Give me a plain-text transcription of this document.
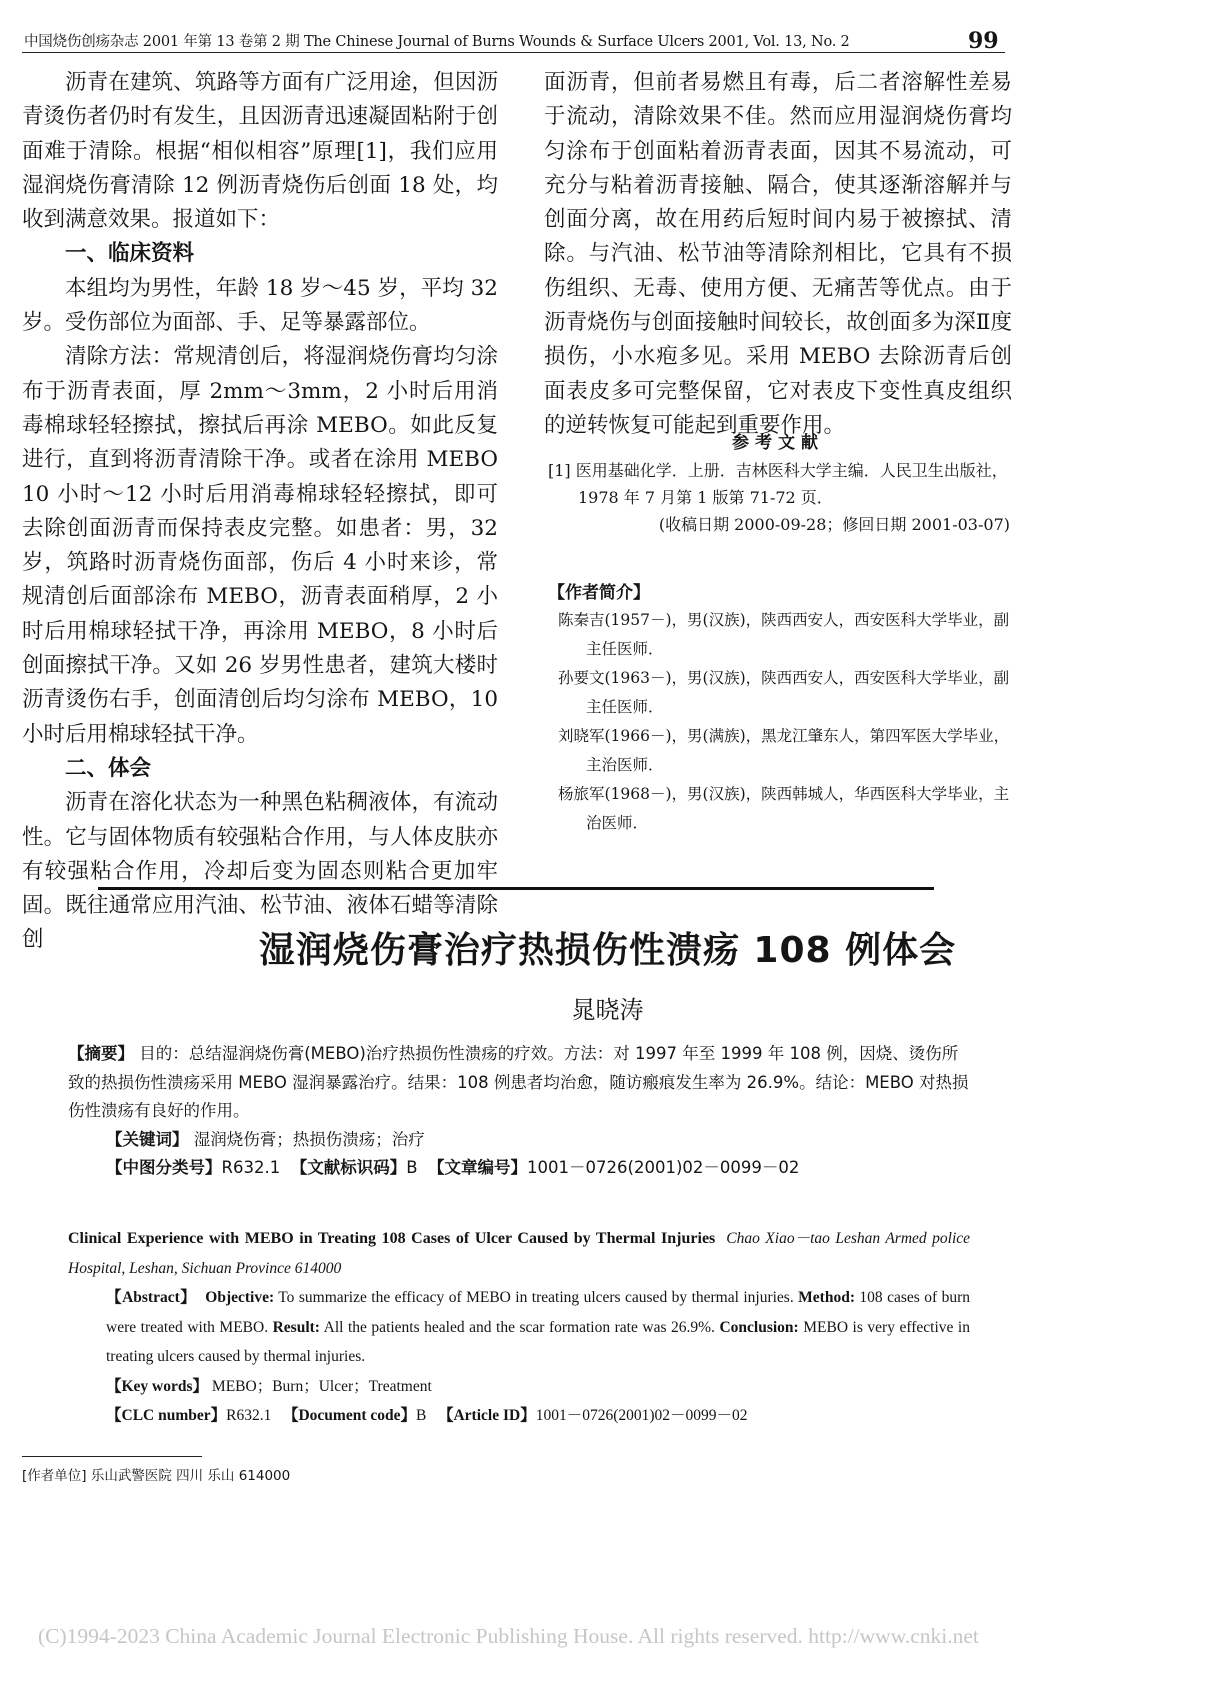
中国烧伤创疡杂志 2001 年第 13 卷第 2 期 The Chinese Journal of Burns Wounds & Surface Ulcers 2001, Vol. 13, No. 2	99

沥青在建筑、筑路等方面有广泛用途，但因沥青烫伤者仍时有发生，且因沥青迅速凝固粘附于创面难于清除。根据“相似相容”原理[1]，我们应用湿润烧伤膏清除 12 例沥青烧伤后创面 18 处，均收到满意效果。报道如下：

一、临床资料

本组均为男性，年龄 18 岁～45 岁，平均 32 岁。受伤部位为面部、手、足等暴露部位。

清除方法：常规清创后，将湿润烧伤膏均匀涂布于沥青表面，厚 2mm～3mm，2 小时后用消毒棉球轻轻擦拭，擦拭后再涂 MEBO。如此反复进行，直到将沥青清除干净。或者在涂用 MEBO 10 小时～12 小时后用消毒棉球轻轻擦拭，即可去除创面沥青而保持表皮完整。如患者：男，32 岁，筑路时沥青烧伤面部，伤后 4 小时来诊，常规清创后面部涂布 MEBO，沥青表面稍厚，2 小时后用棉球轻拭干净，再涂用 MEBO，8 小时后创面擦拭干净。又如 26 岁男性患者，建筑大楼时沥青烫伤右手，创面清创后均匀涂布 MEBO，10 小时后用棉球轻拭干净。

二、体会

沥青在溶化状态为一种黑色粘稠液体，有流动性。它与固体物质有较强粘合作用，与人体皮肤亦有较强粘合作用，冷却后变为固态则粘合更加牢固。既往通常应用汽油、松节油、液体石蜡等清除创

面沥青，但前者易燃且有毒，后二者溶解性差易于流动，清除效果不佳。然而应用湿润烧伤膏均匀涂布于创面粘着沥青表面，因其不易流动，可充分与粘着沥青接触、隔合，使其逐渐溶解并与创面分离，故在用药后短时间内易于被擦拭、清除。与汽油、松节油等清除剂相比，它具有不损伤组织、无毒、使用方便、无痛苦等优点。由于沥青烧伤与创面接触时间较长，故创面多为深Ⅱ度损伤，小水疱多见。采用 MEBO 去除沥青后创面表皮多可完整保留，它对表皮下变性真皮组织的逆转恢复可能起到重要作用。

参考文献
[1] 医用基础化学．上册．吉林医科大学主编．人民卫生出版社，1978 年 7 月第 1 版第 71-72 页．
(收稿日期 2000-09-28；修回日期 2001-03-07)
【作者简介】
陈秦吉(1957－)，男(汉族)，陕西西安人，西安医科大学毕业，副主任医师．
孙要文(1963－)，男(汉族)，陕西西安人，西安医科大学毕业，副主任医师．
刘晓军(1966－)，男(满族)，黑龙江肇东人，第四军医大学毕业，主治医师．
杨旅军(1968－)，男(汉族)，陕西韩城人，华西医科大学毕业，主治医师．
湿润烧伤膏治疗热损伤性溃疡 108 例体会
晁晓涛

【摘要】 目的：总结湿润烧伤膏(MEBO)治疗热损伤性溃疡的疗效。方法：对 1997 年至 1999 年 108 例，因烧、烫伤所致的热损伤性溃疡采用 MEBO 湿润暴露治疗。结果：108 例患者均治愈，随访瘢痕发生率为 26.9%。结论：MEBO 对热损伤性溃疡有良好的作用。

【关键词】 湿润烧伤膏；热损伤溃疡；治疗

【中图分类号】R632.1 【文献标识码】B 【文章编号】1001－0726(2001)02－0099－02

Clinical Experience with MEBO in Treating 108 Cases of Ulcer Caused by Thermal Injuries Chao Xiao－tao Leshan Armed police Hospital, Leshan, Sichuan Province 614000

【Abstract】 Objective: To summarize the efficacy of MEBO in treating ulcers caused by thermal injuries. Method: 108 cases of burn were treated with MEBO. Result: All the patients healed and the scar formation rate was 26.9%. Conclusion: MEBO is very effective in treating ulcers caused by thermal injuries.

【Key words】 MEBO；Burn；Ulcer；Treatment

【CLC number】R632.1 【Document code】B 【Article ID】1001－0726(2001)02－0099－02

[作者单位] 乐山武警医院 四川 乐山 614000
(C)1994-2023 China Academic Journal Electronic Publishing House. All rights reserved. http://www.cnki.net
